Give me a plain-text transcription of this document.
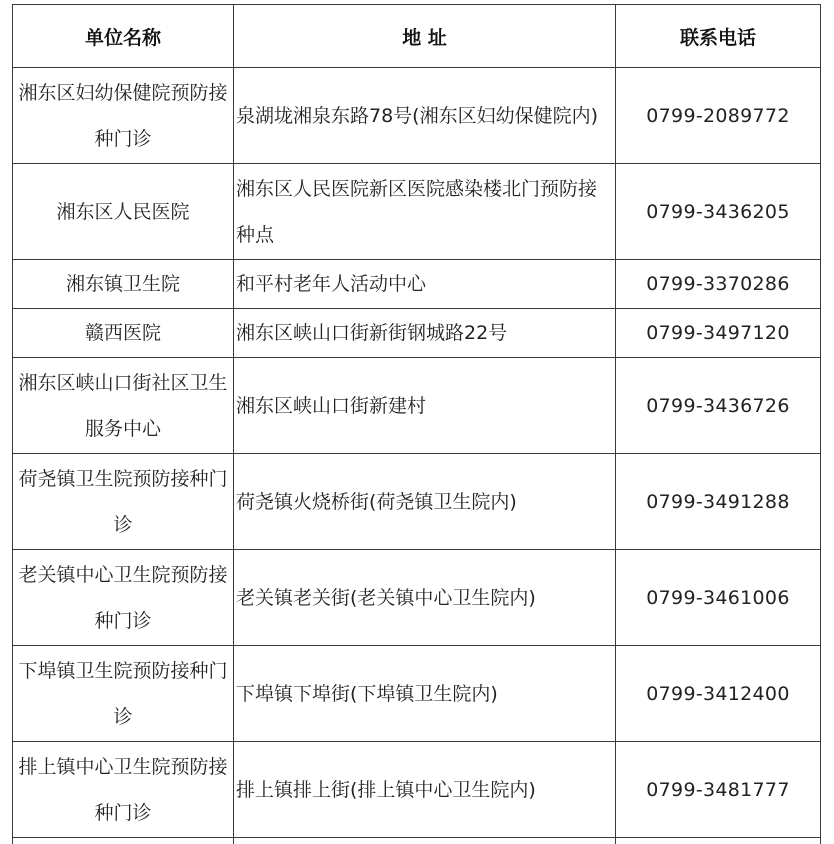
单位名称	地 址	联系电话
湘东区妇幼保健院预防接种门诊	泉湖垅湘泉东路78号(湘东区妇幼保健院内)	0799-2089772
湘东区人民医院	湘东区人民医院新区医院感染楼北门预防接种点	0799-3436205
湘东镇卫生院	和平村老年人活动中心	0799-3370286
赣西医院	湘东区峡山口街新街钢城路22号	0799-3497120
湘东区峡山口街社区卫生服务中心	湘东区峡山口街新建村	0799-3436726
荷尧镇卫生院预防接种门诊	荷尧镇火烧桥街(荷尧镇卫生院内)	0799-3491288
老关镇中心卫生院预防接种门诊	老关镇老关街(老关镇中心卫生院内)	0799-3461006
下埠镇卫生院预防接种门诊	下埠镇下埠街(下埠镇卫生院内)	0799-3412400
排上镇中心卫生院预防接种门诊	排上镇排上街(排上镇中心卫生院内)	0799-3481777
